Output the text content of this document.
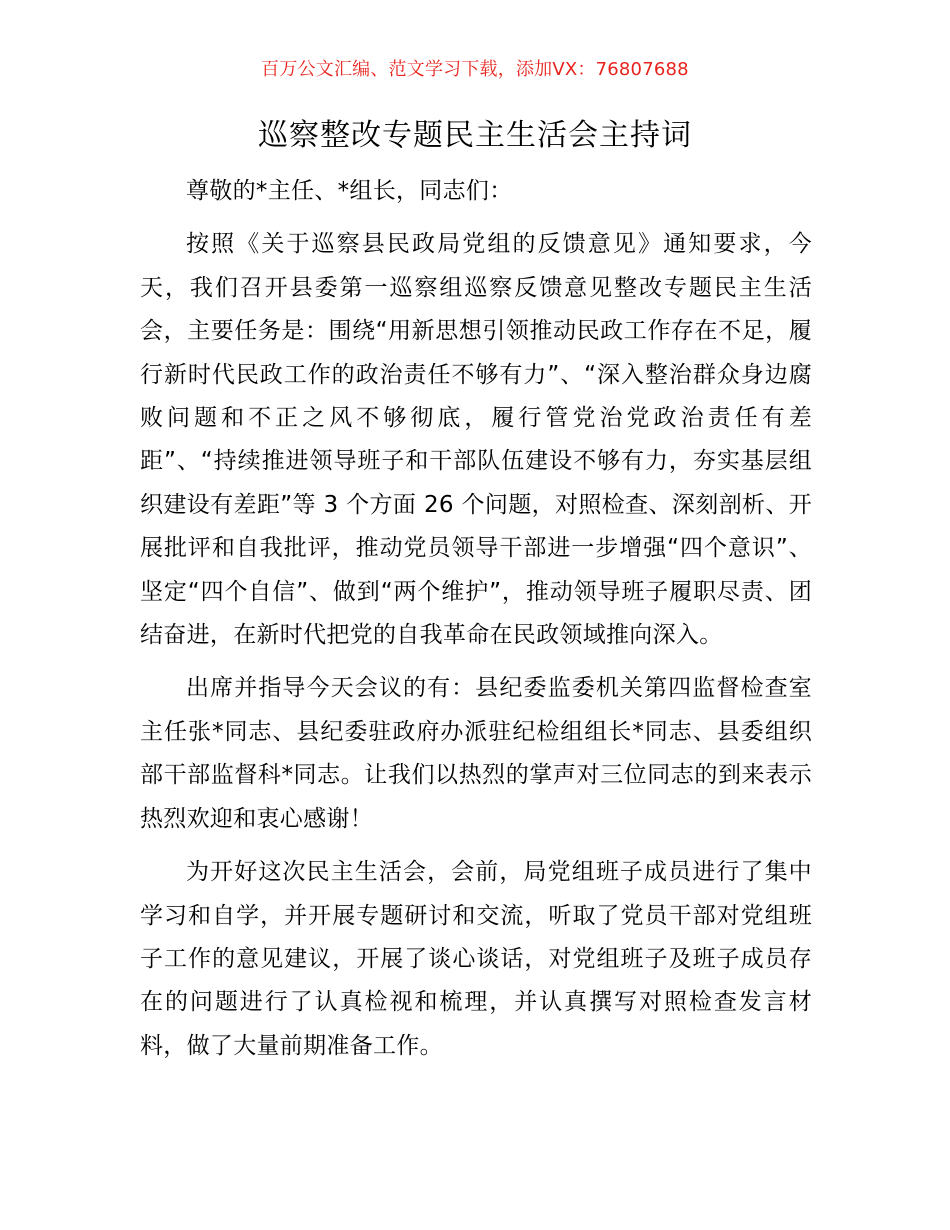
百万公文汇编、范文学习下载，添加VX：76807688
巡察整改专题民主生活会主持词

尊敬的*主任、*组长，同志们：

按照《关于巡察县民政局党组的反馈意见》通知要求，今天，我们召开县委第一巡察组巡察反馈意见整改专题民主生活会，主要任务是：围绕“用新思想引领推动民政工作存在不足，履行新时代民政工作的政治责任不够有力”、“深入整治群众身边腐败问题和不正之风不够彻底，履行管党治党政治责任有差距”、“持续推进领导班子和干部队伍建设不够有力，夯实基层组织建设有差距”等 3 个方面 26 个问题，对照检查、深刻剖析、开展批评和自我批评，推动党员领导干部进一步增强“四个意识”、坚定“四个自信”、做到“两个维护”，推动领导班子履职尽责、团结奋进，在新时代把党的自我革命在民政领域推向深入。

出席并指导今天会议的有：县纪委监委机关第四监督检查室主任张*同志、县纪委驻政府办派驻纪检组组长*同志、县委组织部干部监督科*同志。让我们以热烈的掌声对三位同志的到来表示热烈欢迎和衷心感谢！

为开好这次民主生活会，会前，局党组班子成员进行了集中学习和自学，并开展专题研讨和交流，听取了党员干部对党组班子工作的意见建议，开展了谈心谈话，对党组班子及班子成员存在的问题进行了认真检视和梳理，并认真撰写对照检查发言材料，做了大量前期准备工作。
